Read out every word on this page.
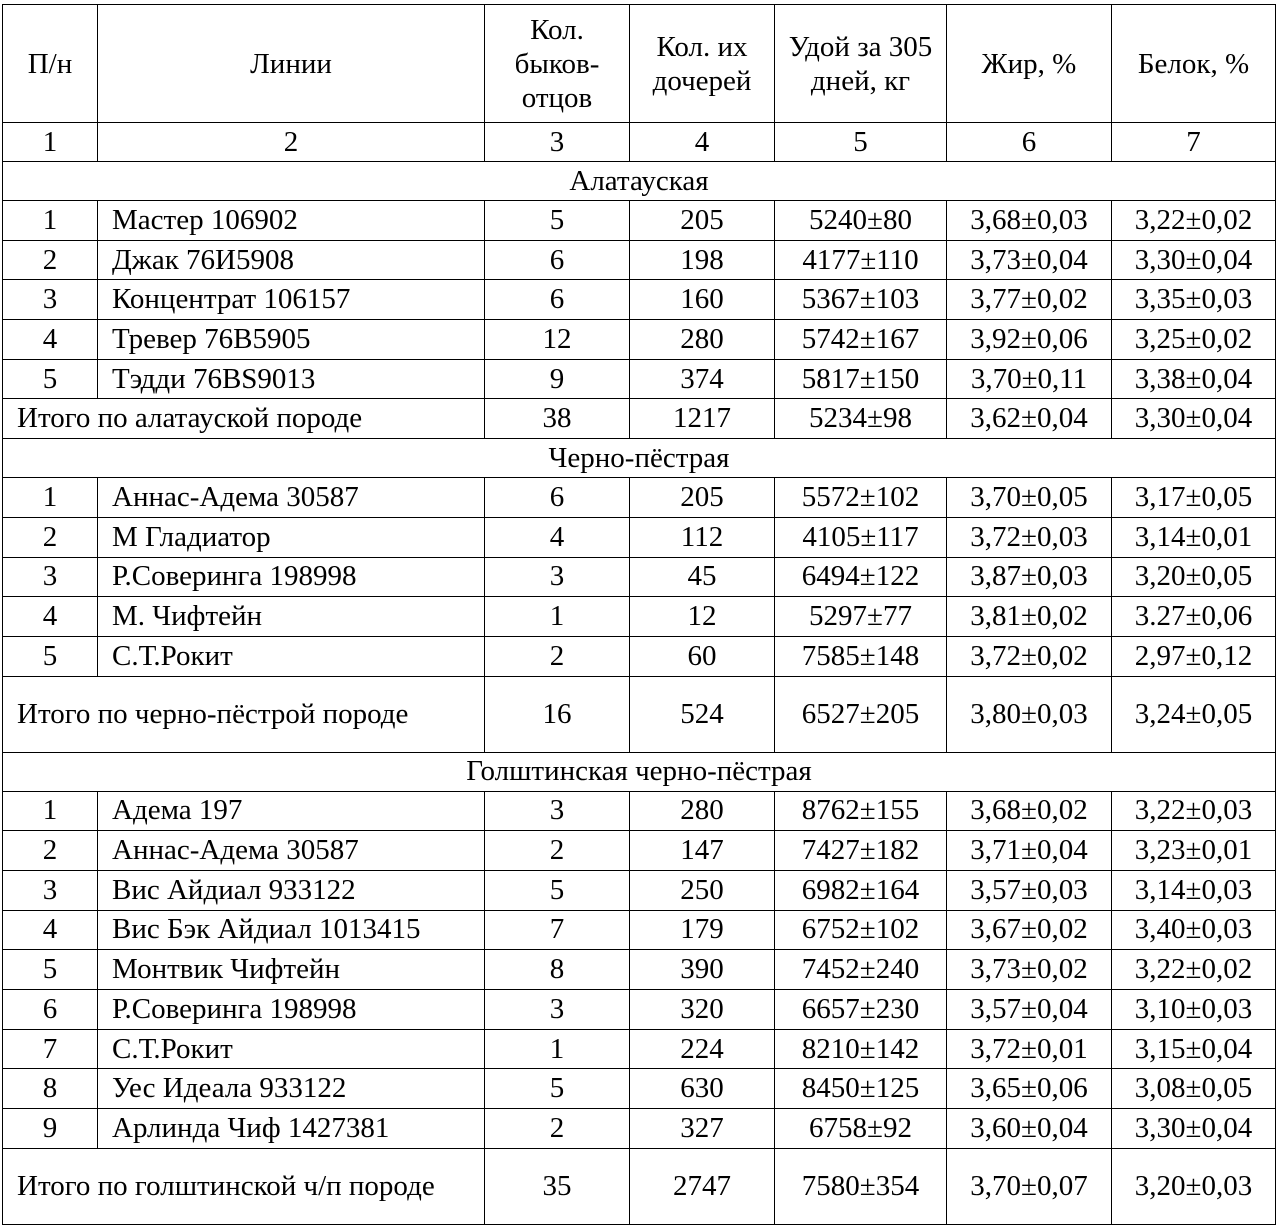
П/н	Линии	Кол. быков-отцов	Кол. их дочерей	Удой за 305 дней, кг	Жир, %	Белок, %
1	2	3	4	5	6	7
Алатауская						
1	Мастер 106902	5	205	5240±80	3,68±0,03	3,22±0,02
2	Джак 76И5908	6	198	4177±110	3,73±0,04	3,30±0,04
3	Концентрат 106157	6	160	5367±103	3,77±0,02	3,35±0,03
4	Тревер 76В5905	12	280	5742±167	3,92±0,06	3,25±0,02
5	Тэдди 76BS9013	9	374	5817±150	3,70±0,11	3,38±0,04
Итого по алатауской породе		38	1217	5234±98	3,62±0,04	3,30±0,04
Черно-пёстрая						
1	Аннас-Адема 30587	6	205	5572±102	3,70±0,05	3,17±0,05
2	М Гладиатор	4	112	4105±117	3,72±0,03	3,14±0,01
3	Р.Соверинга 198998	3	45	6494±122	3,87±0,03	3,20±0,05
4	М. Чифтейн	1	12	5297±77	3,81±0,02	3.27±0,06
5	С.Т.Рокит	2	60	7585±148	3,72±0,02	2,97±0,12
Итого по черно-пёстрой породе		16	524	6527±205	3,80±0,03	3,24±0,05
Голштинская черно-пёстрая						
1	Адема 197	3	280	8762±155	3,68±0,02	3,22±0,03
2	Аннас-Адема 30587	2	147	7427±182	3,71±0,04	3,23±0,01
3	Вис Айдиал 933122	5	250	6982±164	3,57±0,03	3,14±0,03
4	Вис Бэк Айдиал 1013415	7	179	6752±102	3,67±0,02	3,40±0,03
5	Монтвик Чифтейн	8	390	7452±240	3,73±0,02	3,22±0,02
6	Р.Соверинга 198998	3	320	6657±230	3,57±0,04	3,10±0,03
7	С.Т.Рокит	1	224	8210±142	3,72±0,01	3,15±0,04
8	Уес Идеала 933122	5	630	8450±125	3,65±0,06	3,08±0,05
9	Арлинда Чиф 1427381	2	327	6758±92	3,60±0,04	3,30±0,04
Итого по голштинской ч/п породе		35	2747	7580±354	3,70±0,07	3,20±0,03
